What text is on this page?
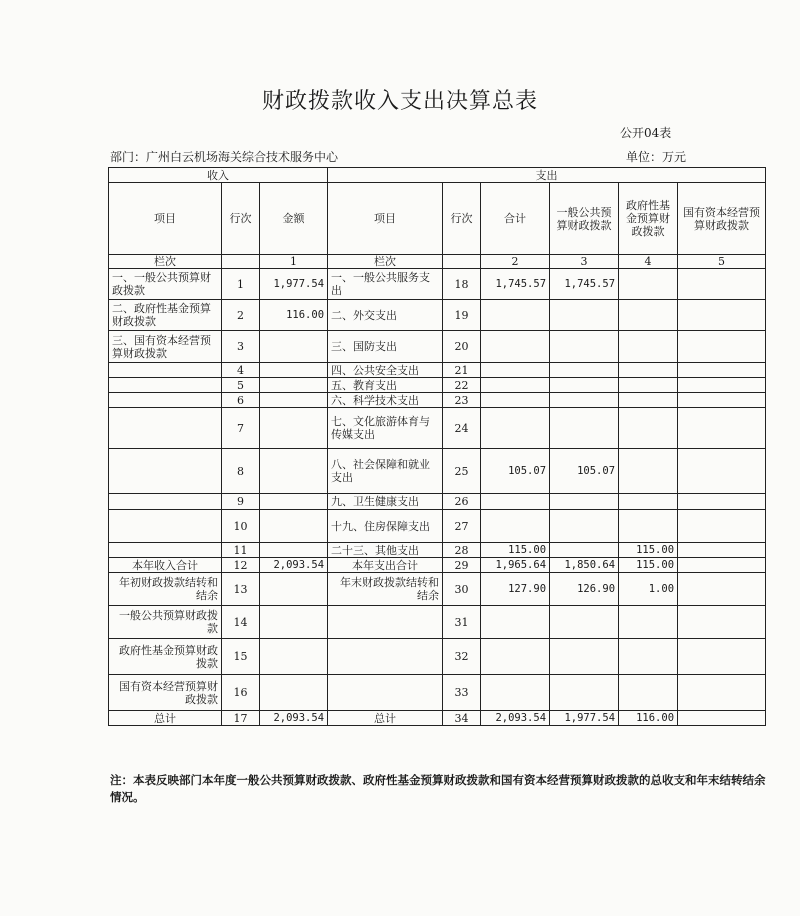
财政拨款收入支出决算总表
公开04表
部门：广州白云机场海关综合技术服务中心	单位：万元
收入			支出					
项目	行次	金额	项目	行次	合计	一般公共预算财政拨款	政府性基金预算财政拨款	国有资本经营预算财政拨款
栏次		1	栏次		2	3	4	5
一、一般公共预算财政拨款	1	1,977.54	一、一般公共服务支出	18	1,745.57	1,745.57		
二、政府性基金预算财政拨款	2	116.00	二、外交支出	19				
三、国有资本经营预算财政拨款	3		三、国防支出	20				
	4		四、公共安全支出	21				
	5		五、教育支出	22				
	6		六、科学技术支出	23				
	7		七、文化旅游体育与传媒支出	24				
	8		八、社会保障和就业支出	25	105.07	105.07		
	9		九、卫生健康支出	26				
	10		十九、住房保障支出	27				
	11		二十三、其他支出	28	115.00		115.00	
本年收入合计	12	2,093.54	本年支出合计	29	1,965.64	1,850.64	115.00	
年初财政拨款结转和结余	13		年末财政拨款结转和结余	30	127.90	126.90	1.00	
一般公共预算财政拨款	14			31				
政府性基金预算财政拨款	15			32				
国有资本经营预算财政拨款	16			33				
总计	17	2,093.54	总计	34	2,093.54	1,977.54	116.00	
注：本表反映部门本年度一般公共预算财政拨款、政府性基金预算财政拨款和国有资本经营预算财政拨款的总收支和年末结转结余情况。
